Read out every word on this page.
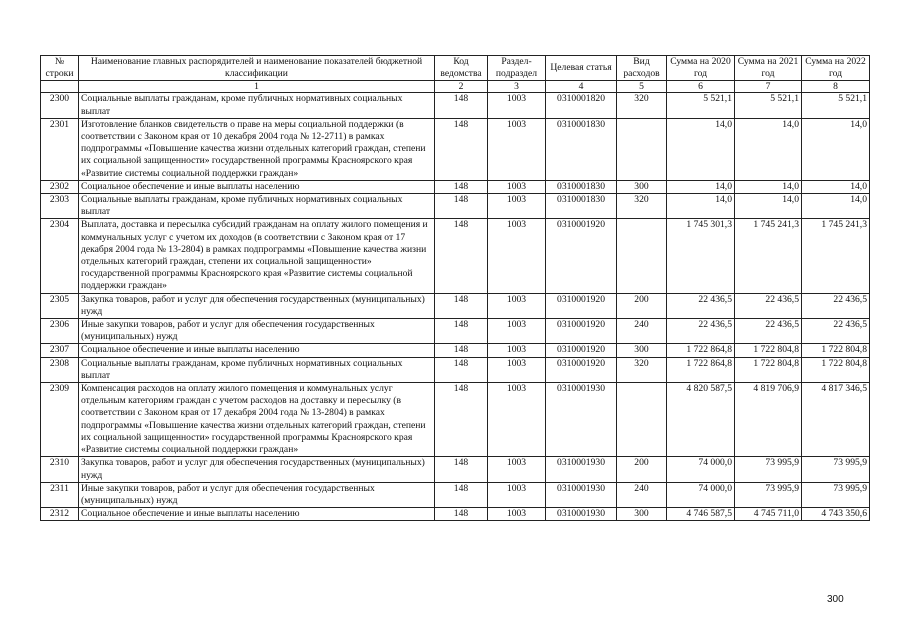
№ строки	Наименование главных распорядителей и наименование показателей бюджетной классификации	Код ведомства	Раздел-подраздел	Целевая статья	Вид расходов	Сумма на 2020 год	Сумма на 2021 год	Сумма на 2022 год
	1	2	3	4	5	6	7	8
2300	Социальные выплаты гражданам, кроме публичных нормативных социальных выплат	148	1003	0310001820	320	5 521,1	5 521,1	5 521,1
2301	Изготовление бланков свидетельств о праве на меры социальной поддержки (в соответствии с Законом края от 10 декабря 2004 года № 12-2711) в рамках подпрограммы «Повышение качества жизни отдельных категорий граждан, степени их социальной защищенности» государственной программы Красноярского края «Развитие системы социальной поддержки граждан»	148	1003	0310001830		14,0	14,0	14,0
2302	Социальное обеспечение и иные выплаты населению	148	1003	0310001830	300	14,0	14,0	14,0
2303	Социальные выплаты гражданам, кроме публичных нормативных социальных выплат	148	1003	0310001830	320	14,0	14,0	14,0
2304	Выплата, доставка и пересылка субсидий гражданам на оплату жилого помещения и коммунальных услуг с учетом их доходов (в соответствии с Законом края от 17 декабря 2004 года № 13-2804) в рамках подпрограммы «Повышение качества жизни отдельных категорий граждан, степени их социальной защищенности» государственной программы Красноярского края «Развитие системы социальной поддержки граждан»	148	1003	0310001920		1 745 301,3	1 745 241,3	1 745 241,3
2305	Закупка товаров, работ и услуг для обеспечения государственных (муниципальных) нужд	148	1003	0310001920	200	22 436,5	22 436,5	22 436,5
2306	Иные закупки товаров, работ и услуг для обеспечения государственных (муниципальных) нужд	148	1003	0310001920	240	22 436,5	22 436,5	22 436,5
2307	Социальное обеспечение и иные выплаты населению	148	1003	0310001920	300	1 722 864,8	1 722 804,8	1 722 804,8
2308	Социальные выплаты гражданам, кроме публичных нормативных социальных выплат	148	1003	0310001920	320	1 722 864,8	1 722 804,8	1 722 804,8
2309	Компенсация расходов на оплату жилого помещения и коммунальных услуг отдельным категориям граждан с учетом расходов на доставку и пересылку (в соответствии с Законом края от 17 декабря 2004 года № 13-2804) в рамках подпрограммы «Повышение качества жизни отдельных категорий граждан, степени их социальной защищенности» государственной программы Красноярского края «Развитие системы социальной поддержки граждан»	148	1003	0310001930		4 820 587,5	4 819 706,9	4 817 346,5
2310	Закупка товаров, работ и услуг для обеспечения государственных (муниципальных) нужд	148	1003	0310001930	200	74 000,0	73 995,9	73 995,9
2311	Иные закупки товаров, работ и услуг для обеспечения государственных (муниципальных) нужд	148	1003	0310001930	240	74 000,0	73 995,9	73 995,9
2312	Социальное обеспечение и иные выплаты населению	148	1003	0310001930	300	4 746 587,5	4 745 711,0	4 743 350,6
300
